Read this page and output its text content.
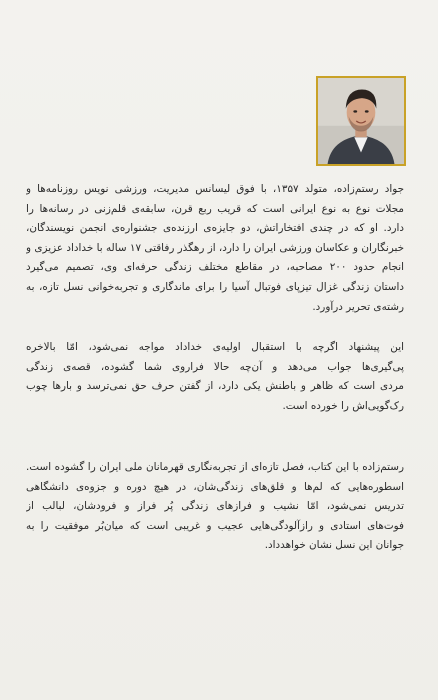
جواد رستم‌زاده، متولد ۱۳۵۷، با فوق لیسانس مدیریت، ورزشی نویس روزنامه‌ها و
مجلات نوع به نوع ایرانی است که قریب ربع قرن، سابقه‌ی قلم‌زنی در رسانه‌ها را
دارد. او که در چندی افتخاراتش، دو جایزه‌ی ارزنده‌ی جشنواره‌ی انجمن نویسندگان،
خبرنگاران و عکاسان ورزشی ایران را دارد، از رهگذر رفاقتی ۱۷ ساله با خداداد عزیزی و
انجام حدود ۲۰۰ مصاحبه، در مقاطع مختلف زندگی حرفه‌ای وی، تصمیم می‌گیرد
داستان زندگی غزال تیزپای فوتبال آسیا را برای ماندگاری و تجربه‌خوانی نسل تازه، به
رشته‌ی تحریر درآورد.
این پیشنهاد اگرچه با استقبال اولیه‌ی خداداد مواجه نمی‌شود، امّا بالاخره
پی‌گیری‌ها جواب می‌دهد و آن‌چه حالا فراروی شما گشوده، قصه‌ی زندگی
مردی است که ظاهر و باطنش یکی دارد، از گفتن حرف حق نمی‌ترسد و بارها چوب
رک‌گویی‌اش را خورده است.
رستم‌زاده با این کتاب، فصل تازه‌ای از تجربه‌نگاری قهرمانان ملی ایران را گشوده است.
اسطوره‌هایی که لم‌ها و قلق‌های زندگی‌شان، در هیچ دوره و جزوه‌ی دانشگاهی
تدریس نمی‌شود، امّا نشیب و فرازهای زندگی پُر فراز و فرودشان، لبالب از
فوت‌های استادی و رازآلودگی‌هایی عجیب و غریبی است که میان‌بُر موفقیت را به
جوانان این نسل نشان خواهدداد.
